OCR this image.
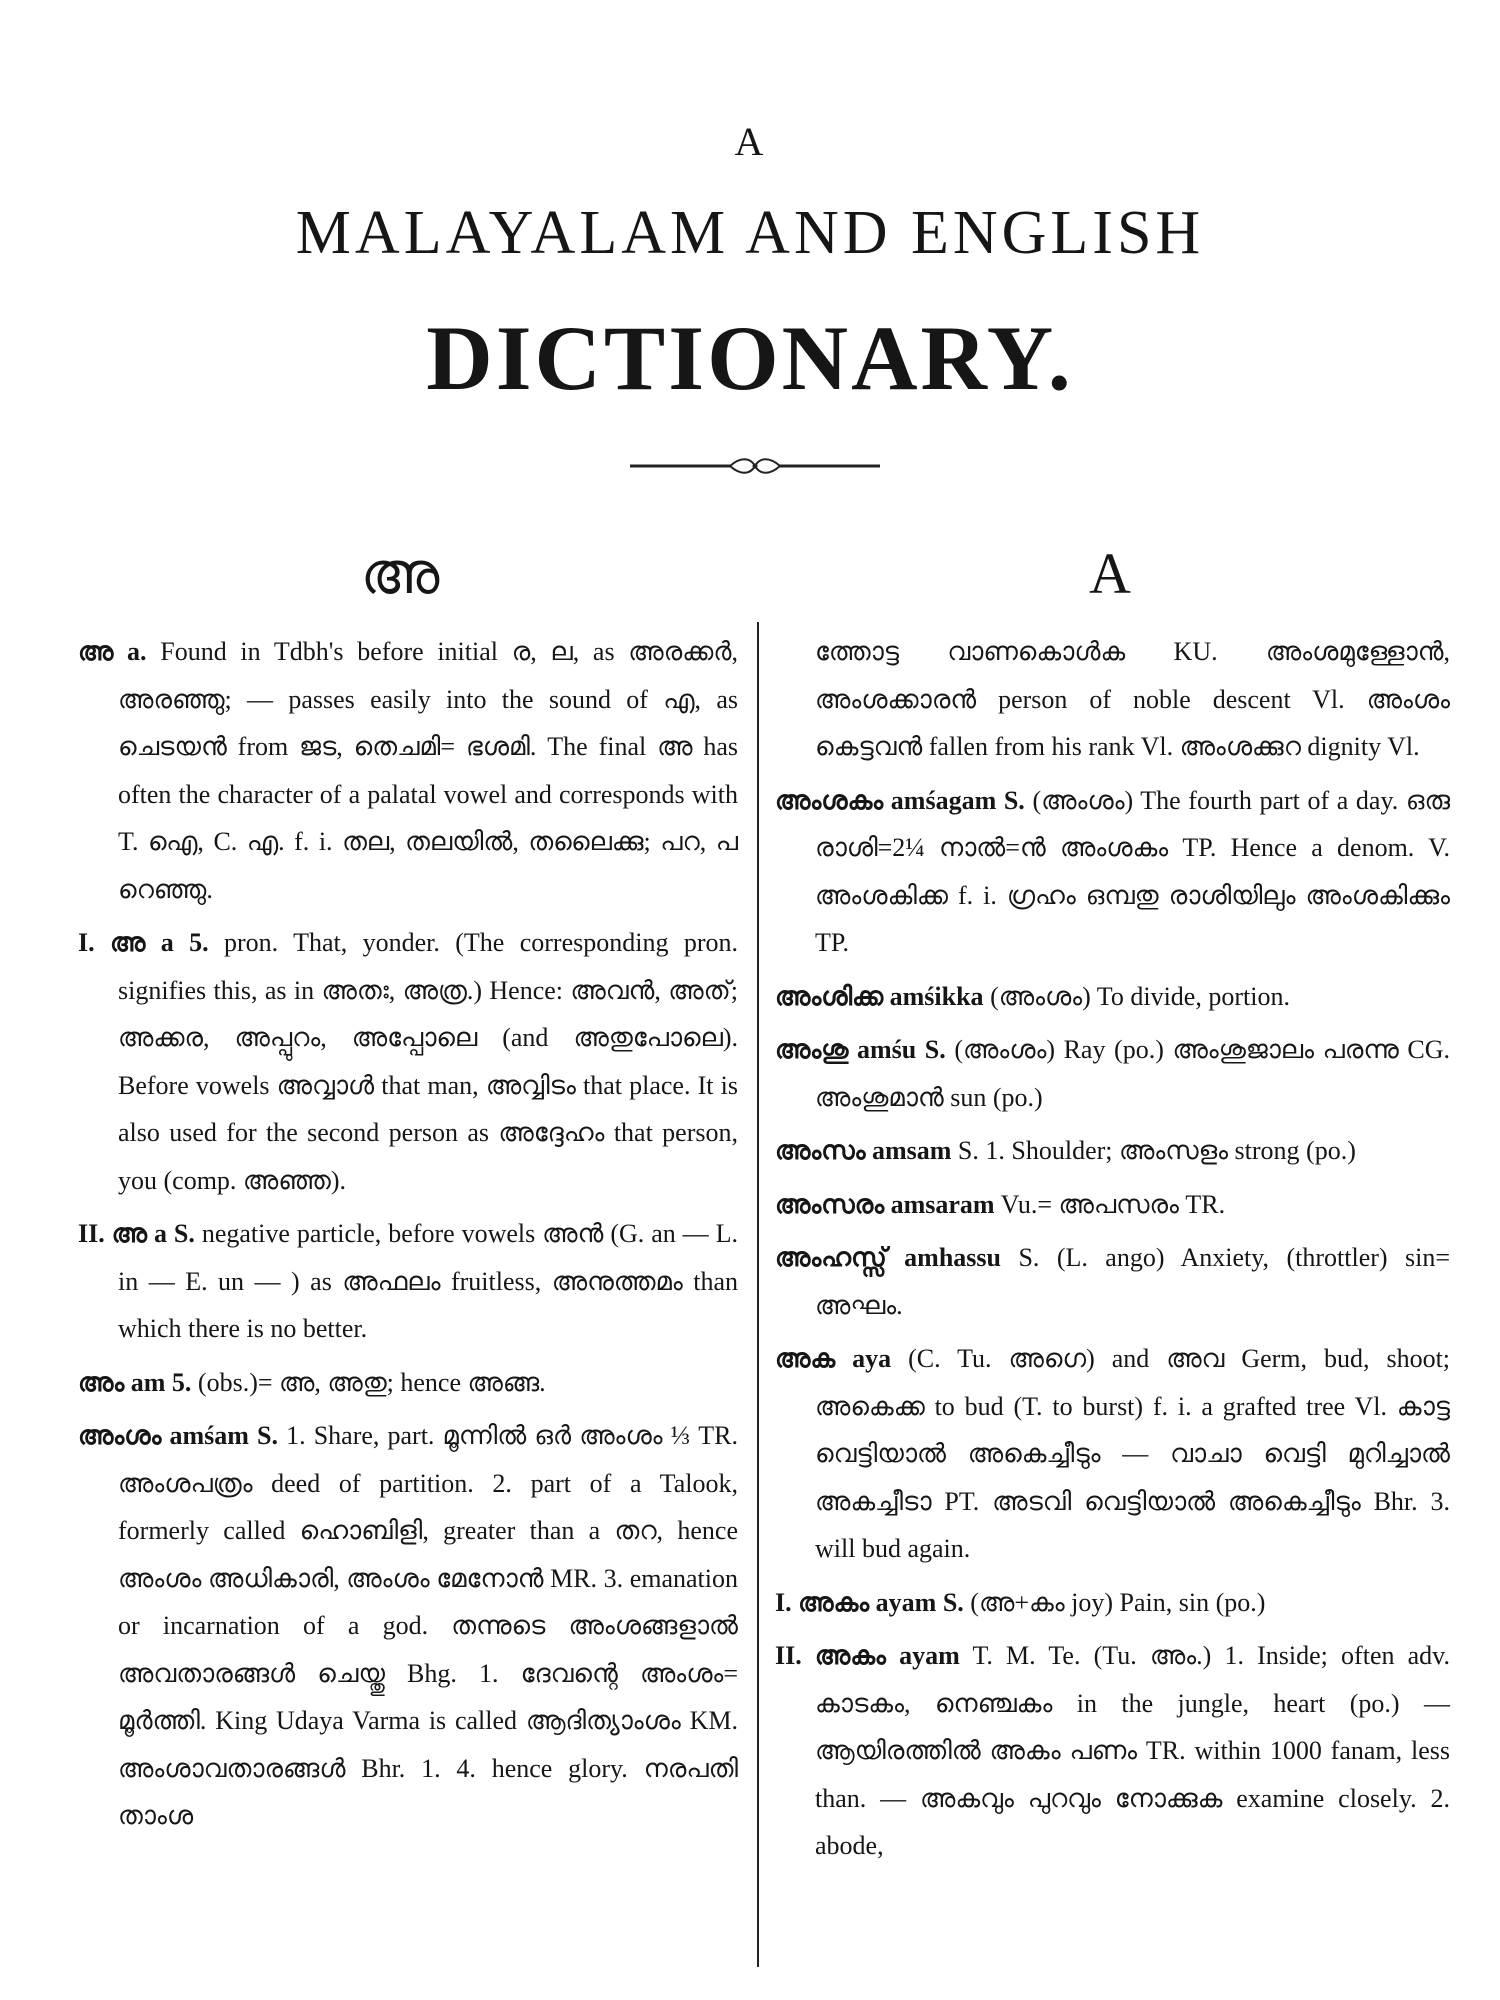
A
MALAYALAM AND ENGLISH
DICTIONARY.
അ	A

അ a. Found in Tdbh's before initial ര, ല, as അരക്കർ, അരഞ്ഞു; — passes easily into the sound of എ, as ചെടയൻ from ജട, തെചമി= ഭശമി. The final അ has often the character of a palatal vowel and corresponds with T. ഐ, C. എ. f. i. തല, തലയിൽ, തലൈക്കു; പറ, പ റെഞ്ഞു.

I. അ a 5. pron. That, yonder. (The corresponding pron. signifies this, as in അതഃ, അത്ര.) Hence: അവൻ, അത്; അക്കര, അപ്പുറം, അപ്പോലെ (and അതുപോലെ). Before vowels അവ്വാൾ that man, അവ്വിടം that place. It is also used for the second person as അദ്ദേഹം that person, you (comp. അഞ്ഞ).

II. അ a S. negative particle, before vowels അൻ (G. an — L. in — E. un — ) as അഫലം fruitless, അനുത്തമം than which there is no better.

അം am 5. (obs.)= അ, അതു; hence അങ്ങ.

അംശം amśam S. 1. Share, part. മൂന്നിൽ ഒർ അംശം ⅓ TR. അംശപത്രം deed of partition. 2. part of a Talook, formerly called ഹൊബിളി, greater than a തറ, hence അംശം അധികാരി, അംശം മേനോൻ MR. 3. emanation or incarnation of a god. തന്നുടെ അംശങ്ങളാൽ അവതാരങ്ങൾ ചെയ്തു Bhg. 1. ദേവന്റെ അംശം= മൂർത്തി. King Udaya Varma is called ആദിത്യാംശം KM. അംശാവതാരങ്ങൾ Bhr. 1. 4. hence glory. നരപതി താംശ

ത്തോട്ട വാണകൊൾക KU. അംശമുള്ളോൻ, അംശക്കാരൻ person of noble descent Vl. അംശം കെട്ടവൻ fallen from his rank Vl. അംശക്കുറ dignity Vl.

അംശകം amśagam S. (അംശം) The fourth part of a day. ഒരു രാശി=2¼ നാൽ=ൻ അംശകം TP. Hence a denom. V. അംശകിക്ക f. i. ഗ്രഹം ഒമ്പതു രാശിയിലും അംശകിക്കും TP.

അംശിക്ക amśikka (അംശം) To divide, portion.

അംശു amśu S. (അംശം) Ray (po.) അംശുജാലം പരന്നു CG. അംശുമാൻ sun (po.)

അംസം amsam S. 1. Shoulder; അംസളം strong (po.)

അംസരം amsaram Vu.= അപസരം TR.

അംഹസ്സ് amhassu S. (L. ango) Anxiety, (throttler) sin= അഘം.

അക aya (C. Tu. അഗെ) and അവ Germ, bud, shoot; അകെക്ക to bud (T. to burst) f. i. a grafted tree Vl. കാട്ട വെട്ടിയാൽ അകെച്ചീടും — വാചാ വെട്ടി മുറിച്ചാൽ അകച്ചീടാ PT. അടവി വെട്ടിയാൽ അകെച്ചീടും Bhr. 3. will bud again.

I. അകം ayam S. (അ+കം joy) Pain, sin (po.)

II. അകം ayam T. M. Te. (Tu. അം.) 1. Inside; often adv. കാടകം, നെഞ്ചകം in the jungle, heart (po.) — ആയിരത്തിൽ അകം പണം TR. within 1000 fanam, less than. — അകവും പുറവും നോക്കുക examine closely. 2. abode,
